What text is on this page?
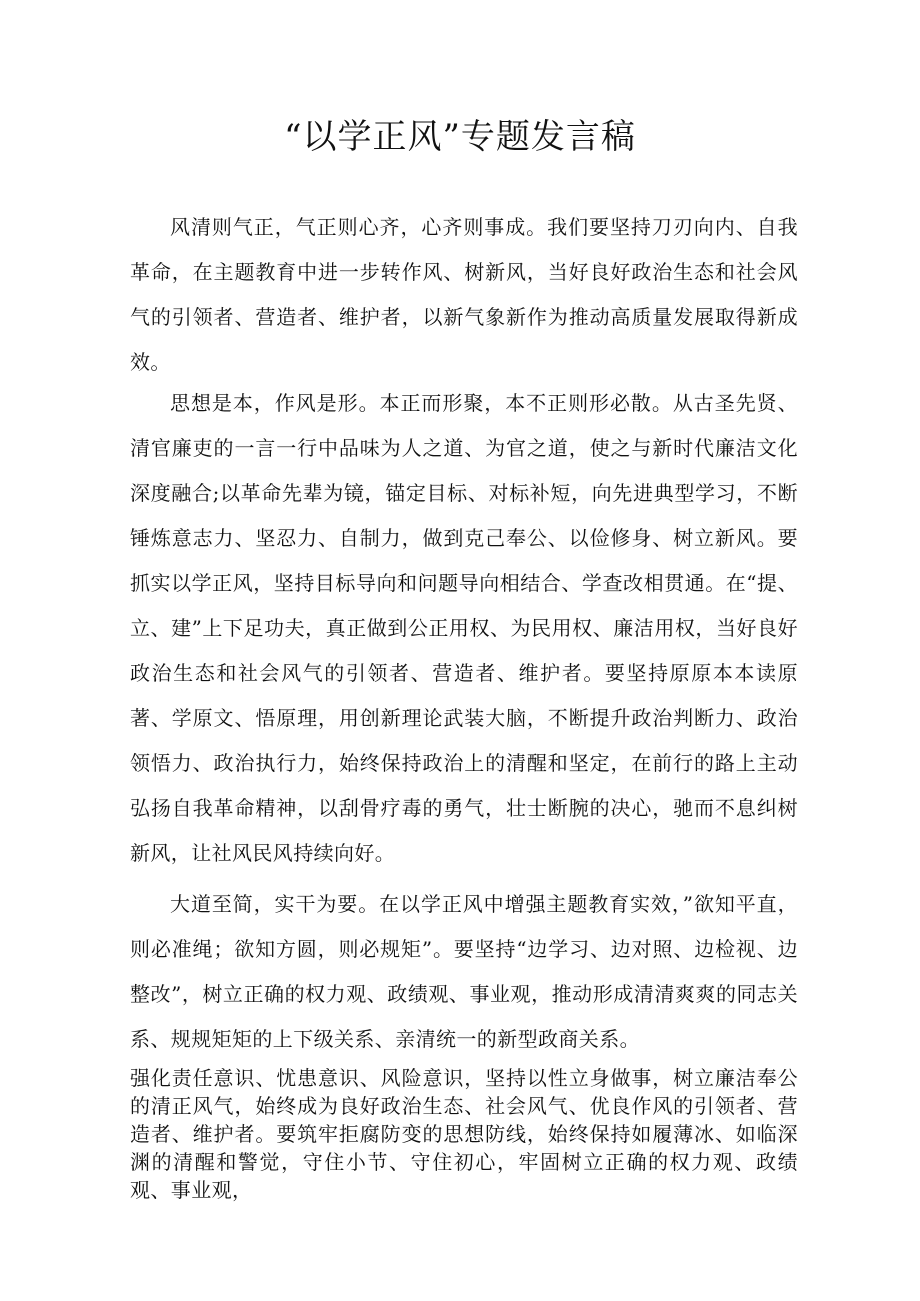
“以学正风”专题发言稿

风清则气正，气正则心齐，心齐则事成。我们要坚持刀刃向内、自我革命，在主题教育中进一步转作风、树新风，当好良好政治生态和社会风气的引领者、营造者、维护者，以新气象新作为推动高质量发展取得新成效。

思想是本，作风是形。本正而形聚，本不正则形必散。从古圣先贤、清官廉吏的一言一行中品味为人之道、为官之道，使之与新时代廉洁文化深度融合;以革命先辈为镜，锚定目标、对标补短，向先进典型学习，不断锤炼意志力、坚忍力、自制力，做到克己奉公、以俭修身、树立新风。要抓实以学正风，坚持目标导向和问题导向相结合、学查改相贯通。在“提、立、建”上下足功夫，真正做到公正用权、为民用权、廉洁用权，当好良好政治生态和社会风气的引领者、营造者、维护者。要坚持原原本本读原著、学原文、悟原理，用创新理论武装大脑，不断提升政治判断力、政治领悟力、政治执行力，始终保持政治上的清醒和坚定，在前行的路上主动弘扬自我革命精神，以刮骨疗毒的勇气，壮士断腕的决心，驰而不息纠树新风，让社风民风持续向好。

大道至简，实干为要。在以学正风中增强主题教育实效，”欲知平直，则必准绳；欲知方圆，则必规矩”。要坚持“边学习、边对照、边检视、边整改”，树立正确的权力观、政绩观、事业观，推动形成清清爽爽的同志关系、规规矩矩的上下级关系、亲清统一的新型政商关系。

强化责任意识、忧患意识、风险意识，坚持以性立身做事，树立廉洁奉公的清正风气，始终成为良好政治生态、社会风气、优良作风的引领者、营造者、维护者。要筑牢拒腐防变的思想防线，始终保持如履薄冰、如临深渊的清醒和警觉，守住小节、守住初心，牢固树立正确的权力观、政绩观、事业观，
